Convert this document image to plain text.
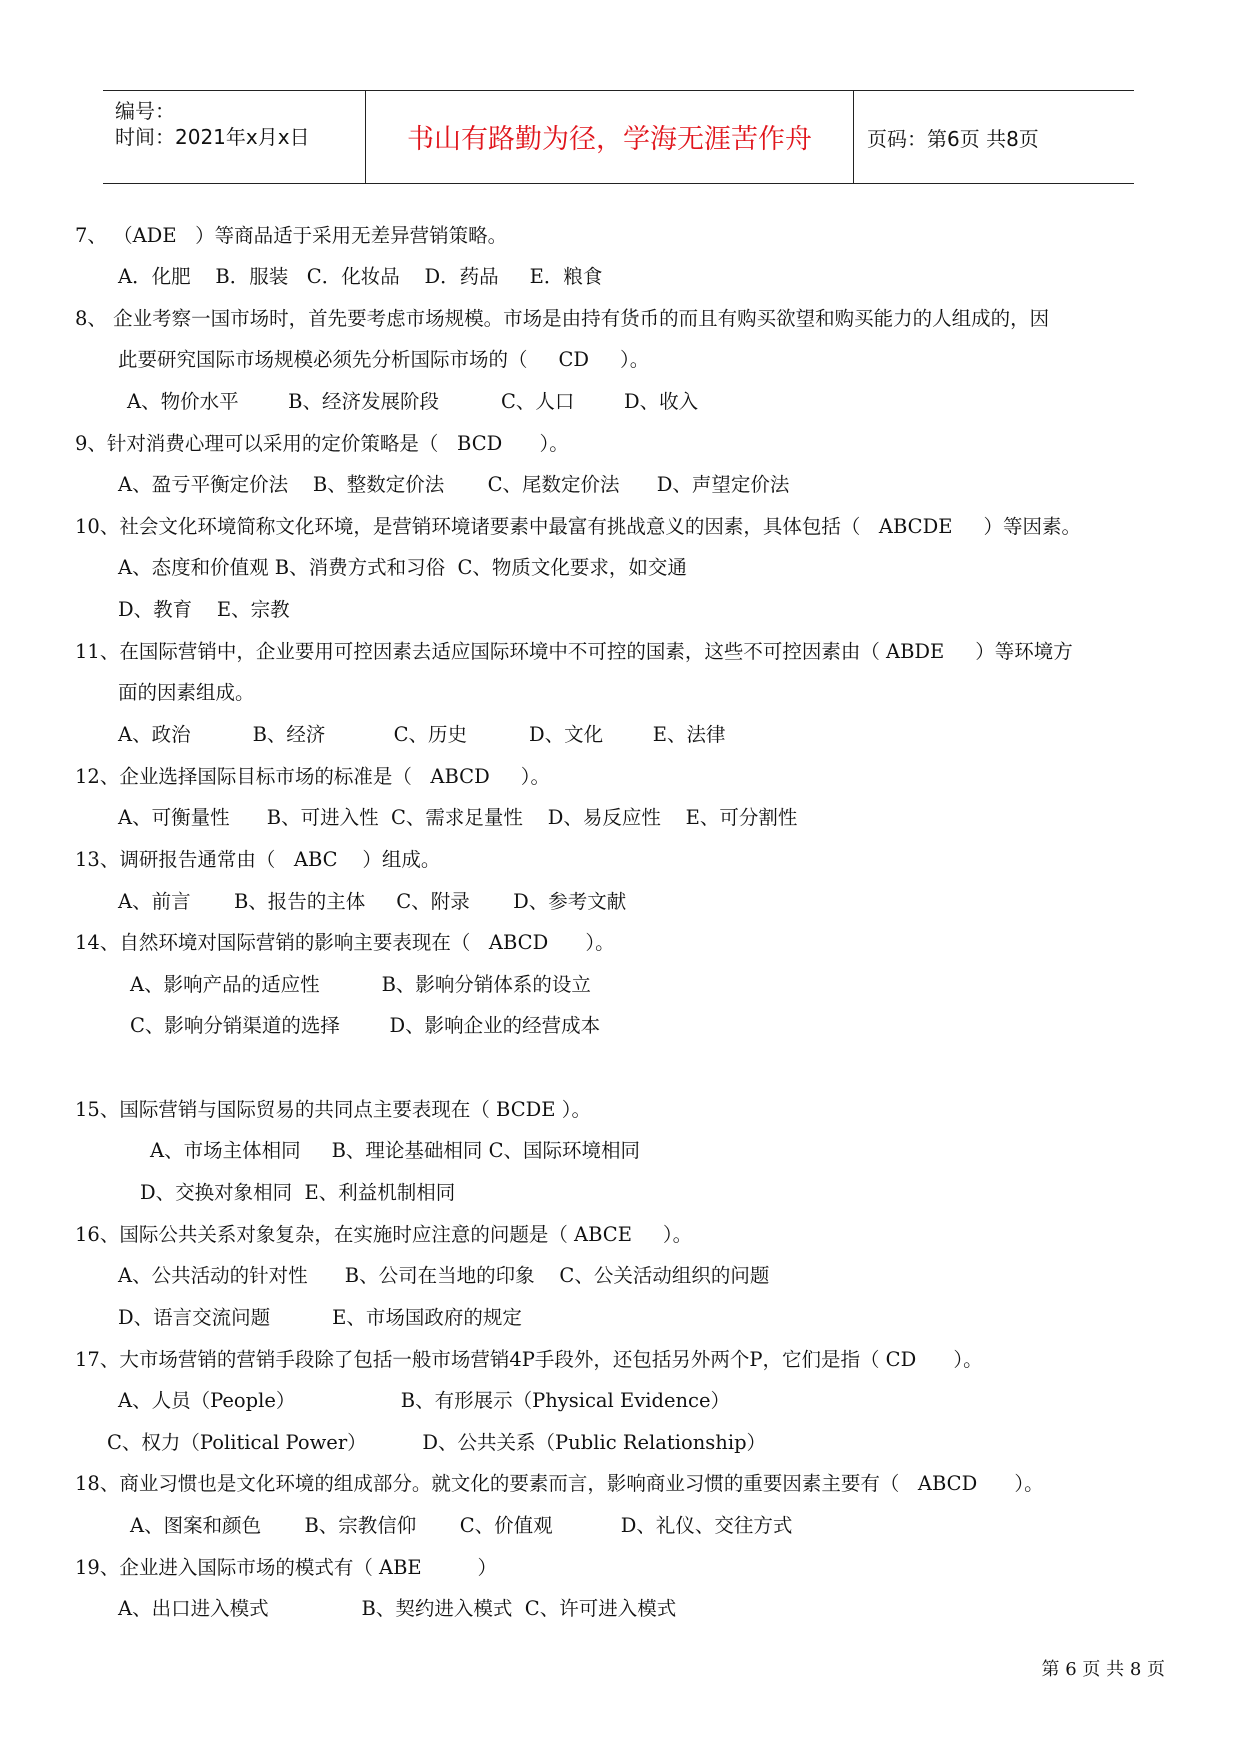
编号：
时间：2021年x月x日	书山有路勤为径，学海无涯苦作舟	页码：第6页 共8页
7、 （ADE   ）等商品适于采用无差异营销策略。
A．化肥    B．服装   C．化妆品    D．药品     E．粮食
8、 企业考察一国市场时，首先要考虑市场规模。市场是由持有货币的而且有购买欲望和购买能力的人组成的，因
此要研究国际市场规模必须先分析国际市场的（     CD     ）。
A、物价水平        B、经济发展阶段          C、人口        D、收入
9、针对消费心理可以采用的定价策略是（   BCD      ）。
A、盈亏平衡定价法    B、整数定价法       C、尾数定价法      D、声望定价法
10、社会文化环境简称文化环境，是营销环境诸要素中最富有挑战意义的因素，具体包括（   ABCDE     ）等因素。
A、态度和价值观 B、消费方式和习俗  C、物质文化要求，如交通
D、教育    E、宗教
11、在国际营销中，企业要用可控因素去适应国际环境中不可控的国素，这些不可控因素由（ ABDE     ）等环境方
面的因素组成。
A、政治          B、经济           C、历史          D、文化        E、法律
12、企业选择国际目标市场的标准是（   ABCD     ）。
A、可衡量性      B、可进入性  C、需求足量性    D、易反应性    E、可分割性
13、调研报告通常由（   ABC    ）组成。
A、前言       B、报告的主体     C、附录       D、参考文献
14、自然环境对国际营销的影响主要表现在（   ABCD      ）。
A、影响产品的适应性          B、影响分销体系的设立
C、影响分销渠道的选择        D、影响企业的经营成本
15、国际营销与国际贸易的共同点主要表现在（ BCDE ）。
A、市场主体相同     B、理论基础相同 C、国际环境相同
D、交换对象相同  E、利益机制相同
16、国际公共关系对象复杂，在实施时应注意的问题是（ ABCE     ）。
A、公共活动的针对性      B、公司在当地的印象    C、公关活动组织的问题
D、语言交流问题          E、市场国政府的规定
17、大市场营销的营销手段除了包括一般市场营销4P手段外，还包括另外两个P，它们是指（ CD      ）。
A、人员（People）                 B、有形展示（Physical Evidence）
C、权力（Political Power）         D、公共关系（Public Relationship）
18、商业习惯也是文化环境的组成部分。就文化的要素而言，影响商业习惯的重要因素主要有（   ABCD      ）。
A、图案和颜色       B、宗教信仰       C、价值观           D、礼仪、交往方式
19、企业进入国际市场的模式有（ ABE         ）
A、出口进入模式               B、契约进入模式  C、许可进入模式
第 6 页 共 8 页
